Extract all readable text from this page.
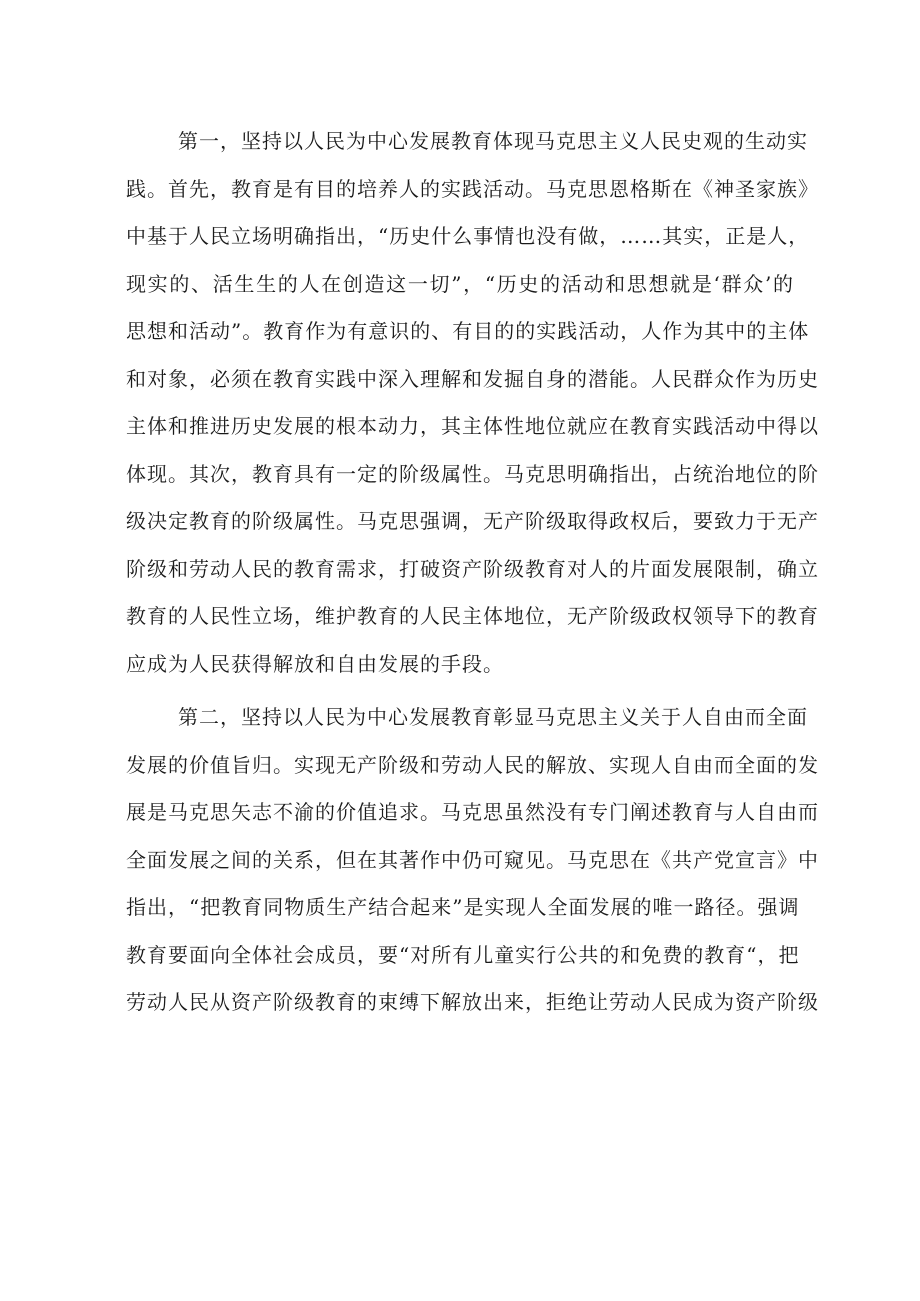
第一，坚持以人民为中心发展教育体现马克思主义人民史观的生动实
践。首先，教育是有目的培养人的实践活动。马克思恩格斯在《神圣家族》
中基于人民立场明确指出，“历史什么事情也没有做，……其实，正是人，
现实的、活生生的人在创造这一切”，“历史的活动和思想就是‘群众’的
思想和活动”。教育作为有意识的、有目的的实践活动，人作为其中的主体
和对象，必须在教育实践中深入理解和发掘自身的潜能。人民群众作为历史
主体和推进历史发展的根本动力，其主体性地位就应在教育实践活动中得以
体现。其次，教育具有一定的阶级属性。马克思明确指出，占统治地位的阶
级决定教育的阶级属性。马克思强调，无产阶级取得政权后，要致力于无产
阶级和劳动人民的教育需求，打破资产阶级教育对人的片面发展限制，确立
教育的人民性立场，维护教育的人民主体地位，无产阶级政权领导下的教育
应成为人民获得解放和自由发展的手段。
第二，坚持以人民为中心发展教育彰显马克思主义关于人自由而全面
发展的价值旨归。实现无产阶级和劳动人民的解放、实现人自由而全面的发
展是马克思矢志不渝的价值追求。马克思虽然没有专门阐述教育与人自由而
全面发展之间的关系，但在其著作中仍可窥见。马克思在《共产党宣言》中
指出，“把教育同物质生产结合起来”是实现人全面发展的唯一路径。强调
教育要面向全体社会成员，要“对所有儿童实行公共的和免费的教育“，把
劳动人民从资产阶级教育的束缚下解放出来，拒绝让劳动人民成为资产阶级
